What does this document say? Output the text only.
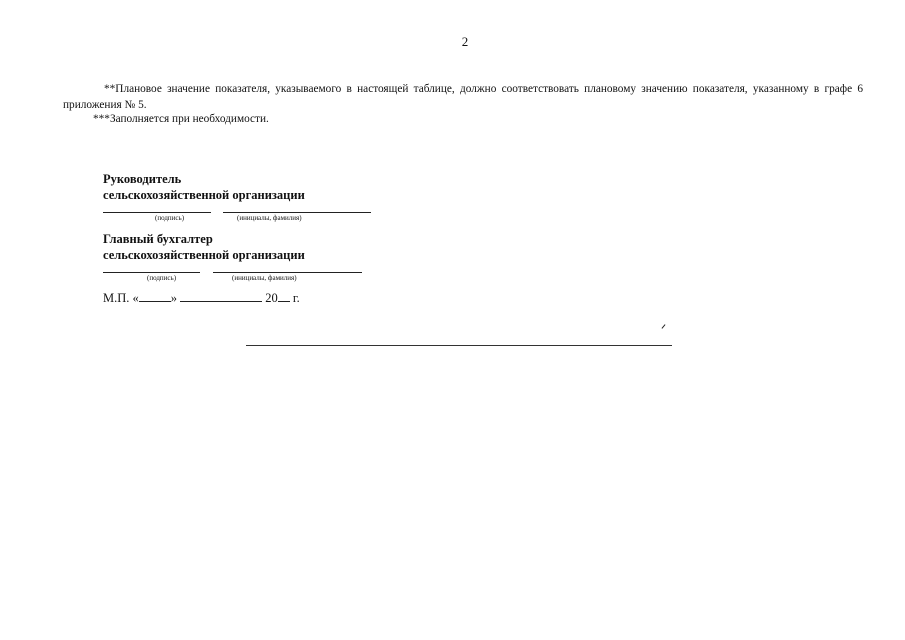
2
**Плановое значение показателя, указываемого в настоящей таблице, должно соответствовать плановому значению показателя, указанному в графе 6 приложения № 5.
***Заполняется при необходимости.
Руководитель
сельскохозяйственной организации
(подпись)	(инициалы, фамилия)
Главный бухгалтер
сельскохозяйственной организации
(подпись)	(инициалы, фамилия)
М.П. «	»	20 г.
